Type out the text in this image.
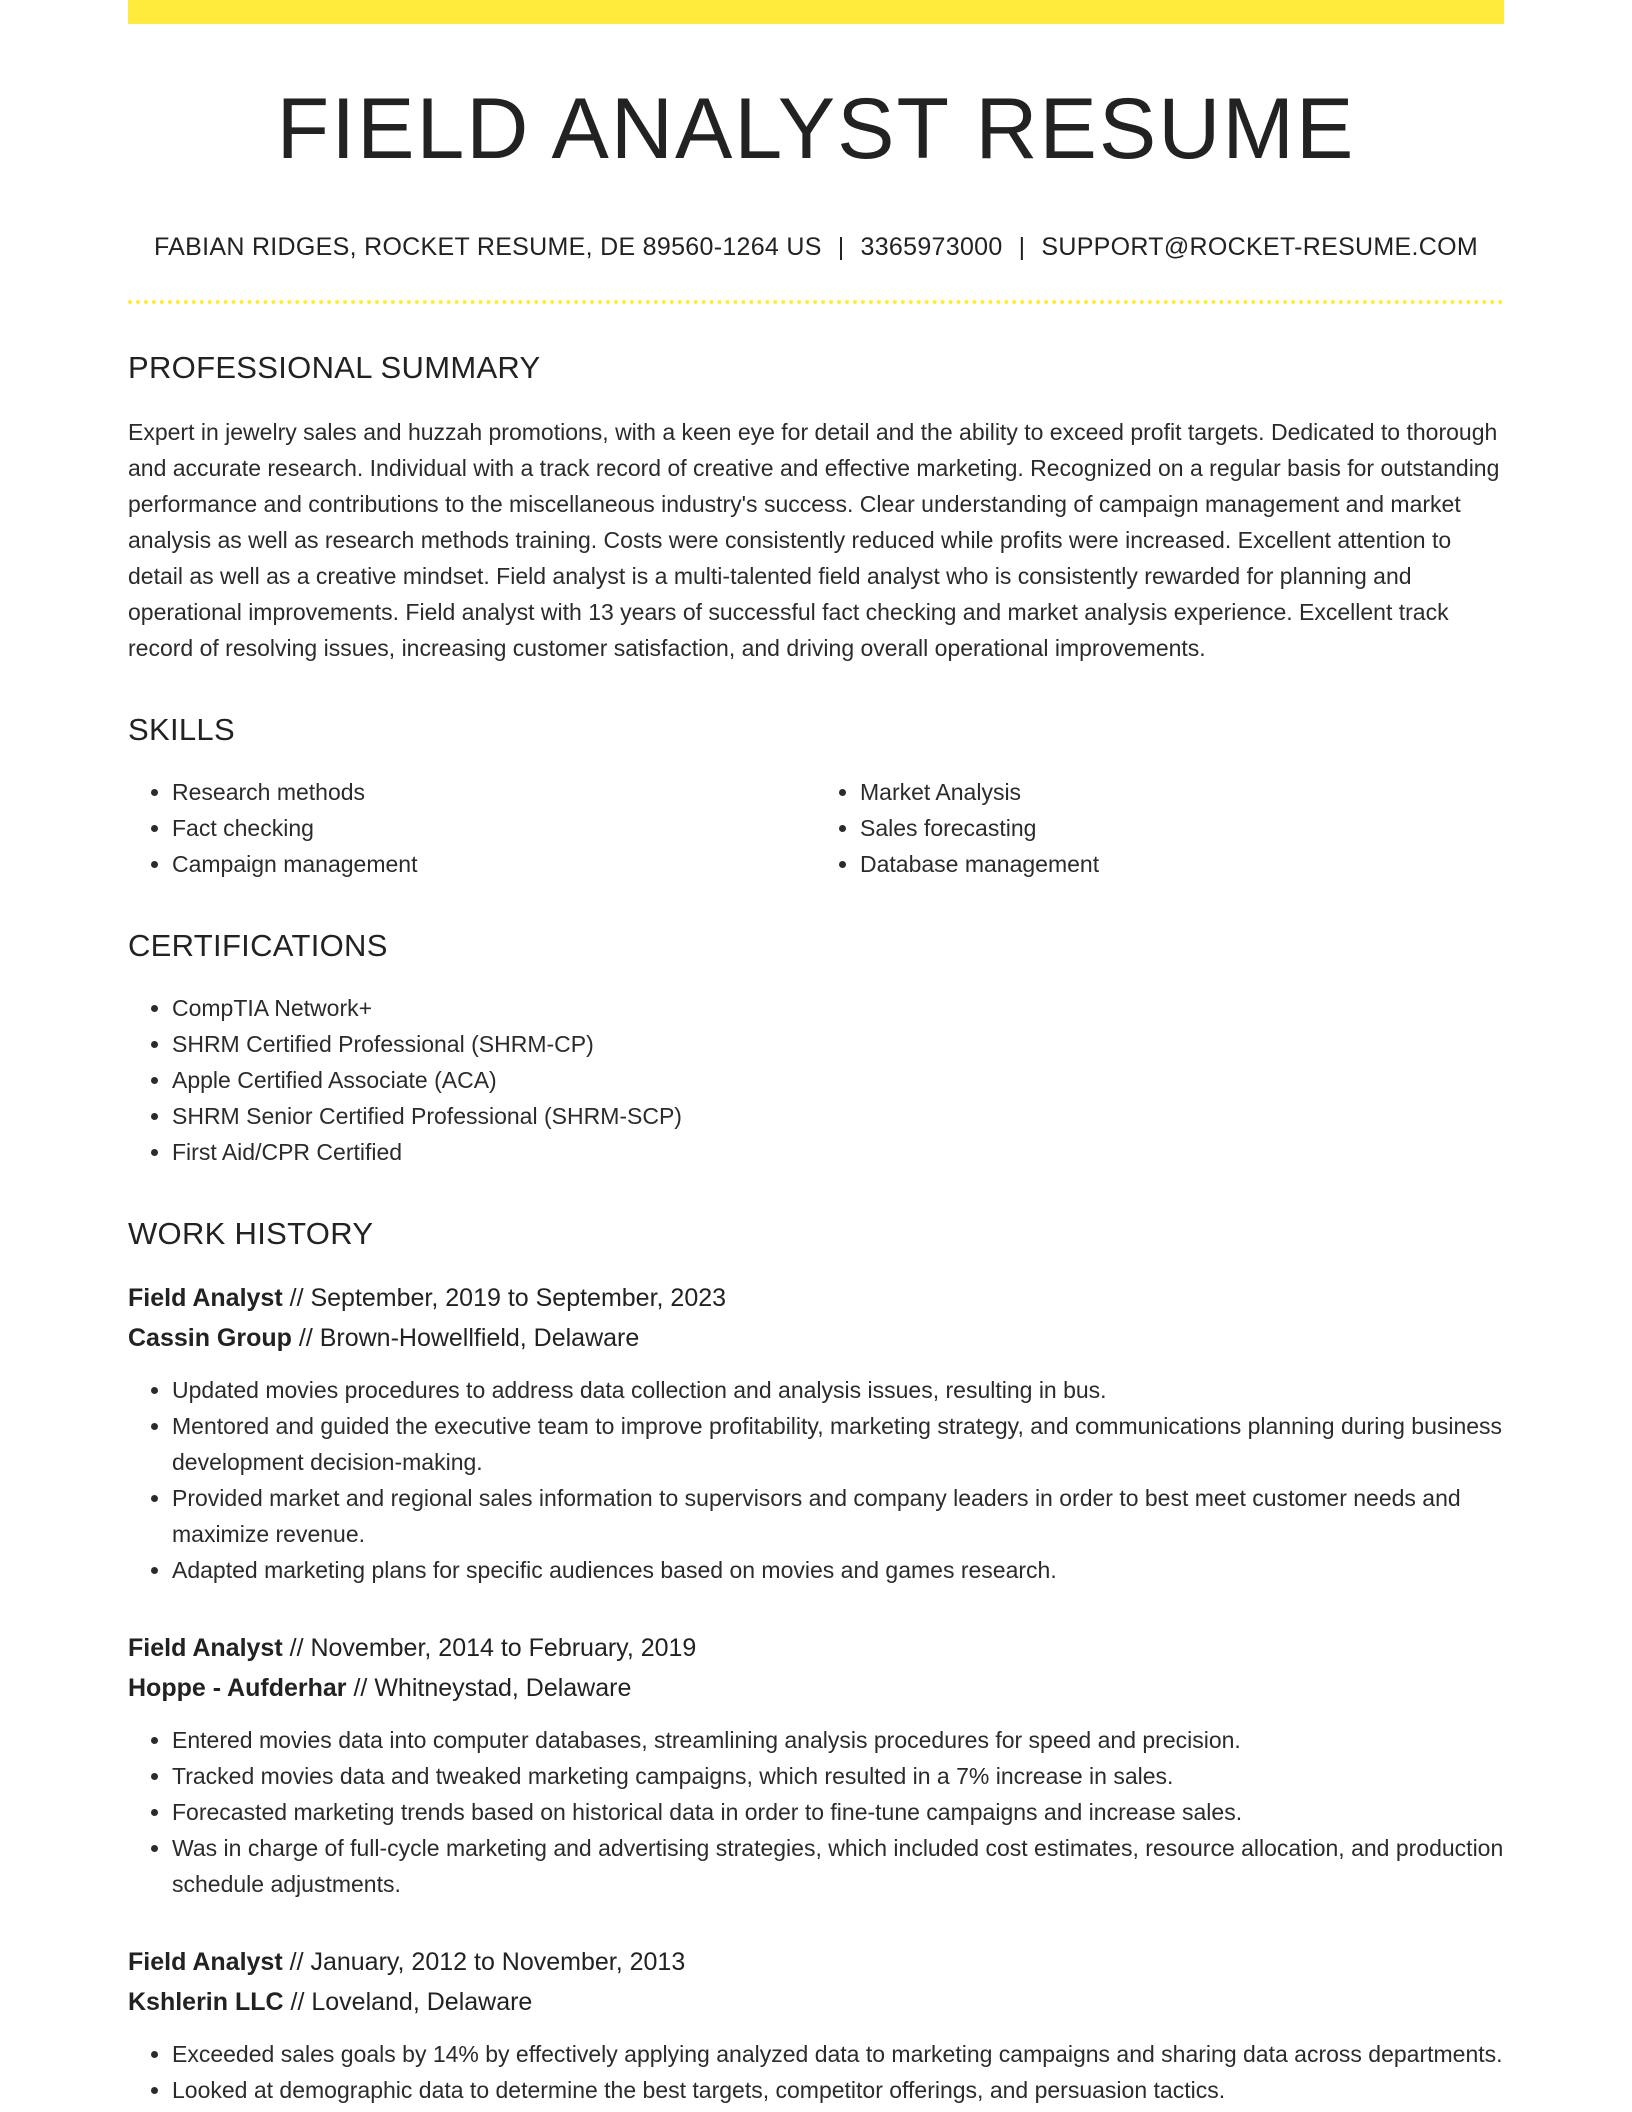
FIELD ANALYST RESUME
FABIAN RIDGES, ROCKET RESUME, DE 89560-1264 US | 3365973000 | SUPPORT@ROCKET-RESUME.COM
PROFESSIONAL SUMMARY

Expert in jewelry sales and huzzah promotions, with a keen eye for detail and the ability to exceed profit targets. Dedicated to thorough and accurate research. Individual with a track record of creative and effective marketing. Recognized on a regular basis for outstanding performance and contributions to the miscellaneous industry's success. Clear understanding of campaign management and market analysis as well as research methods training. Costs were consistently reduced while profits were increased. Excellent attention to detail as well as a creative mindset. Field analyst is a multi-talented field analyst who is consistently rewarded for planning and operational improvements. Field analyst with 13 years of successful fact checking and market analysis experience. Excellent track record of resolving issues, increasing customer satisfaction, and driving overall operational improvements.

SKILLS
• Research methods
• Fact checking
• Campaign management
• Market Analysis
• Sales forecasting
• Database management
CERTIFICATIONS
• CompTIA Network+
• SHRM Certified Professional (SHRM-CP)
• Apple Certified Associate (ACA)
• SHRM Senior Certified Professional (SHRM-SCP)
• First Aid/CPR Certified
WORK HISTORY
Field Analyst // September, 2019 to September, 2023
Cassin Group // Brown-Howellfield, Delaware
• Updated movies procedures to address data collection and analysis issues, resulting in bus.
• Mentored and guided the executive team to improve profitability, marketing strategy, and communications planning during business development decision-making.
• Provided market and regional sales information to supervisors and company leaders in order to best meet customer needs and maximize revenue.
• Adapted marketing plans for specific audiences based on movies and games research.
Field Analyst // November, 2014 to February, 2019
Hoppe - Aufderhar // Whitneystad, Delaware
• Entered movies data into computer databases, streamlining analysis procedures for speed and precision.
• Tracked movies data and tweaked marketing campaigns, which resulted in a 7% increase in sales.
• Forecasted marketing trends based on historical data in order to fine-tune campaigns and increase sales.
• Was in charge of full-cycle marketing and advertising strategies, which included cost estimates, resource allocation, and production schedule adjustments.
Field Analyst // January, 2012 to November, 2013
Kshlerin LLC // Loveland, Delaware
• Exceeded sales goals by 14% by effectively applying analyzed data to marketing campaigns and sharing data across departments.
• Looked at demographic data to determine the best targets, competitor offerings, and persuasion tactics.
